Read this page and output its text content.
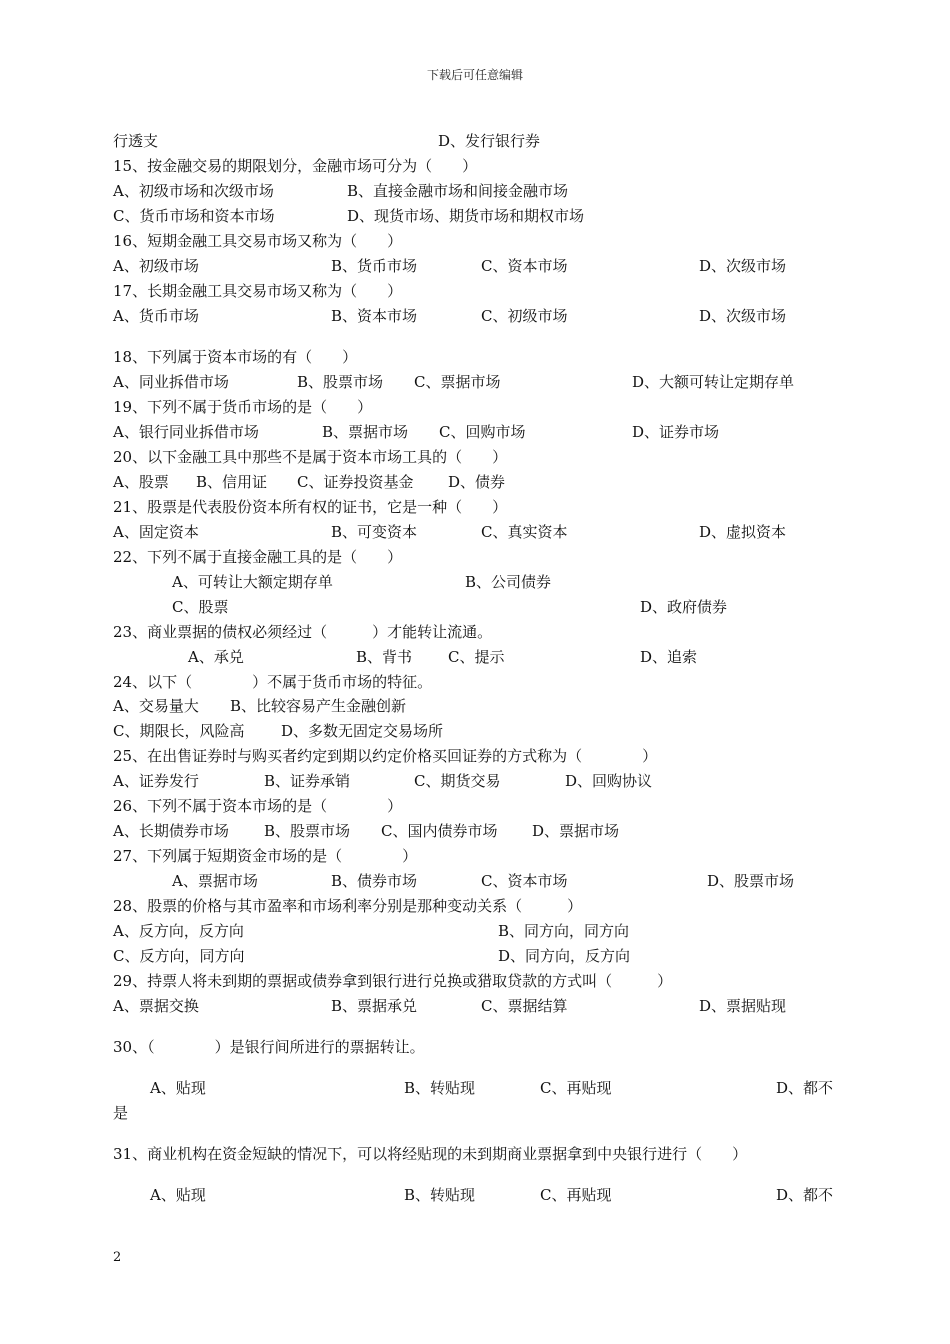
下载后可任意编辑
行透支	D、发行银行券
15、按金融交易的期限划分，金融市场可分为（　　）
A、初级市场和次级市场	B、直接金融市场和间接金融市场
C、货币市场和资本市场	D、现货市场、期货市场和期权市场
16、短期金融工具交易市场又称为（　　）
A、初级市场	B、货币市场	C、资本市场	D、次级市场
17、长期金融工具交易市场又称为（　　）
A、货币市场	B、资本市场	C、初级市场	D、次级市场
18、下列属于资本市场的有（　　）
A、同业拆借市场	B、股票市场 C、票据市场	D、大额可转让定期存单
19、下列不属于货币市场的是（　　）
A、银行同业拆借市场	B、票据市场 C、回购市场	D、证券市场
20、以下金融工具中那些不是属于资本市场工具的（　　）
A、股票 B、信用证 C、证券投资基金 D、债券
21、股票是代表股份资本所有权的证书，它是一种（　　）
A、固定资本	B、可变资本	C、真实资本	D、虚拟资本
22、下列不属于直接金融工具的是（　　）
A、可转让大额定期存单	B、公司债券
C、股票	D、政府债券
23、商业票据的债权必须经过（　　　）才能转让流通。
A、承兑	B、背书 C、提示	D、追索
24、以下（　　　　）不属于货币市场的特征。
A、交易量大 B、比较容易产生金融创新
C、期限长，风险高 D、多数无固定交易场所
25、在出售证券时与购买者约定到期以约定价格买回证券的方式称为（　　　　）
A、证券发行	B、证券承销	C、期货交易	D、回购协议
26、下列不属于资本市场的是（　　　　）
A、长期债券市场 B、股票市场 C、国内债券市场 D、票据市场
27、下列属于短期资金市场的是（　　　　）
A、票据市场	B、债券市场	C、资本市场	D、股票市场
28、股票的价格与其市盈率和市场利率分别是那种变动关系（　　　）
A、反方向，反方向	B、同方向，同方向
C、反方向，同方向	D、同方向，反方向
29、持票人将未到期的票据或债券拿到银行进行兑换或猎取贷款的方式叫（　　　）
A、票据交换	B、票据承兑	C、票据结算	D、票据贴现
30、（　　　　）是银行间所进行的票据转让。
A、贴现	B、转贴现	C、再贴现	D、都不
是
31、商业机构在资金短缺的情况下，可以将经贴现的未到期商业票据拿到中央银行进行（　　）
A、贴现	B、转贴现	C、再贴现	D、都不
2
